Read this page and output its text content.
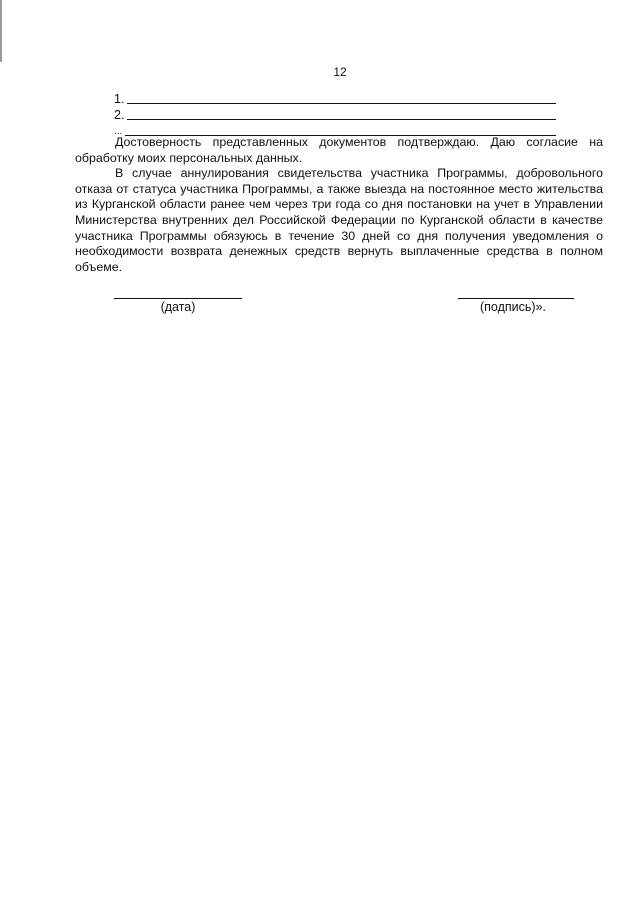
12
1.
2.
...

Достоверность представленных документов подтверждаю. Даю согласие на обработку моих персональных данных.

В случае аннулирования свидетельства участника Программы, добровольного отказа от статуса участника Программы, а также выезда на постоянное место жительства из Курганской области ранее чем через три года со дня постановки на учет в Управлении Министерства внутренних дел Российской Федерации по Курганской области в качестве участника Программы обязуюсь в течение 30 дней со дня получения уведомления о необходимости возврата денежных средств вернуть выплаченные средства в полном объеме.

(дата)	(подпись)».
